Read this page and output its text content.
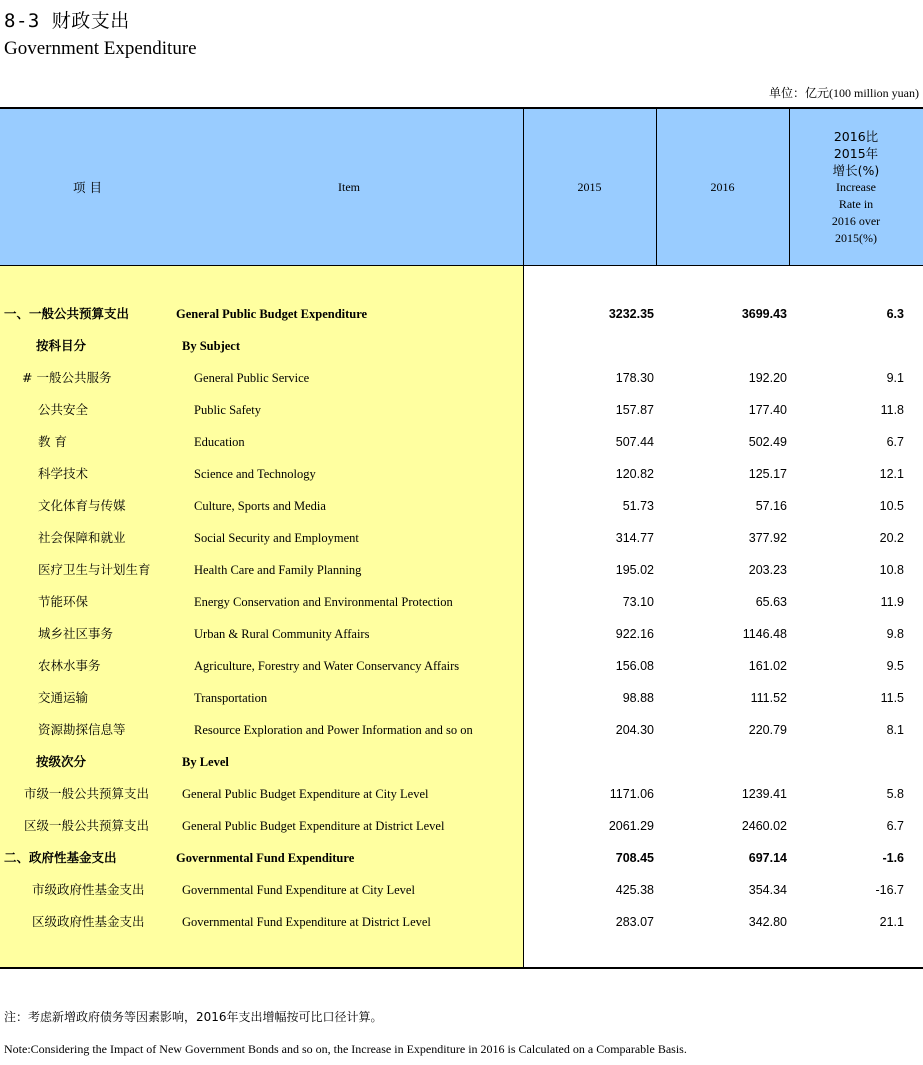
8-3 财政支出
Government Expenditure
单位：亿元(100 million yuan)
项 目	Item	2015	2016
2016比
2015年
增长(%)
Increase
Rate in
2016 over
2015(%)
一、一般公共预算支出	General Public Budget Expenditure	3232.35	3699.43	6.3
按科目分	By Subject
# 一般公共服务	General Public Service	178.30	192.20	9.1
公共安全	Public Safety	157.87	177.40	11.8
教 育	Education	507.44	502.49	6.7
科学技术	Science and Technology	120.82	125.17	12.1
文化体育与传媒	Culture, Sports and Media	51.73	57.16	10.5
社会保障和就业	Social Security and Employment	314.77	377.92	20.2
医疗卫生与计划生育	Health Care and Family Planning	195.02	203.23	10.8
节能环保	Energy Conservation and Environmental Protection	73.10	65.63	11.9
城乡社区事务	Urban & Rural Community Affairs	922.16	1146.48	9.8
农林水事务	Agriculture, Forestry and Water Conservancy Affairs	156.08	161.02	9.5
交通运输	Transportation	98.88	111.52	11.5
资源勘探信息等	Resource Exploration and Power Information and so on	204.30	220.79	8.1
按级次分	By Level
市级一般公共预算支出	General Public Budget Expenditure at City Level	1171.06	1239.41	5.8
区级一般公共预算支出	General Public Budget Expenditure at District Level	2061.29	2460.02	6.7
二、政府性基金支出	Governmental Fund Expenditure	708.45	697.14	-1.6
市级政府性基金支出	Governmental Fund Expenditure at City Level	425.38	354.34	-16.7
区级政府性基金支出	Governmental Fund Expenditure at District Level	283.07	342.80	21.1
注：考虑新增政府债务等因素影响，2016年支出增幅按可比口径计算。
Note:Considering the Impact of New Government Bonds and so on, the Increase in Expenditure in 2016 is Calculated on a Comparable Basis.
